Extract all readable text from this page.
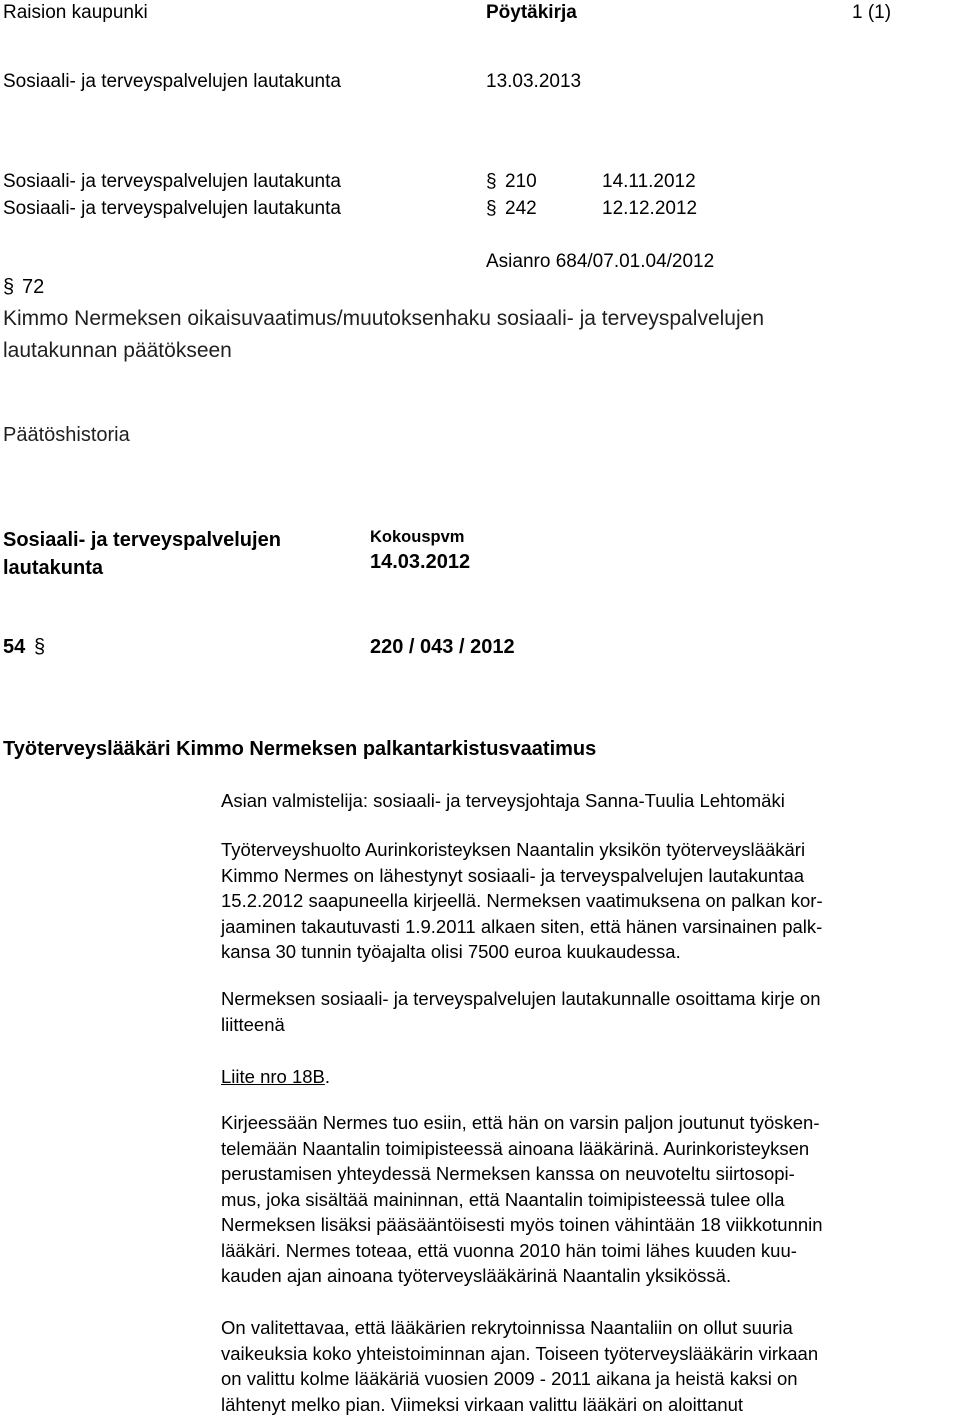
Raision kaupunki	Pöytäkirja	1 (1)
Sosiaali- ja terveyspalvelujen lautakunta	13.03.2013
Sosiaali- ja terveyspalvelujen lautakunta	§ 210	14.11.2012
Sosiaali- ja terveyspalvelujen lautakunta	§ 242	12.12.2012
Asianro 684/07.01.04/2012
§ 72
Kimmo Nermeksen oikaisuvaatimus/muutoksenhaku sosiaali- ja terveyspalvelujen
lautakunnan päätökseen
Päätöshistoria
Sosiaali- ja terveyspalvelujen
lautakunta
Kokouspvm
14.03.2012
54 §	220 / 043 / 2012
Työterveyslääkäri Kimmo Nermeksen palkantarkistusvaatimus

Asian valmistelija: sosiaali- ja terveysjohtaja Sanna-Tuulia Lehtomäki

Työterveyshuolto Aurinkoristeyksen Naantalin yksikön työterveyslääkäri

Kimmo Nermes on lähestynyt sosiaali- ja terveyspalvelujen lautakuntaa

15.2.2012 saapuneella kirjeellä. Nermeksen vaatimuksena on palkan kor-

jaaminen takautuvasti 1.9.2011 alkaen siten, että hänen varsinainen palk-

kansa 30 tunnin työajalta olisi 7500 euroa kuukaudessa.

Nermeksen sosiaali- ja terveyspalvelujen lautakunnalle osoittama kirje on

liitteenä

Liite nro 18B.

Kirjeessään Nermes tuo esiin, että hän on varsin paljon joutunut työsken-

telemään Naantalin toimipisteessä ainoana lääkärinä. Aurinkoristeyksen

perustamisen yhteydessä Nermeksen kanssa on neuvoteltu siirtosopi-

mus, joka sisältää maininnan, että Naantalin toimipisteessä tulee olla

Nermeksen lisäksi pääsääntöisesti myös toinen vähintään 18 viikkotunnin

lääkäri. Nermes toteaa, että vuonna 2010 hän toimi lähes kuuden kuu-

kauden ajan ainoana työterveyslääkärinä Naantalin yksikössä.

On valitettavaa, että lääkärien rekrytoinnissa Naantaliin on ollut suuria

vaikeuksia koko yhteistoiminnan ajan. Toiseen työterveyslääkärin virkaan

on valittu kolme lääkäriä vuosien 2009 - 2011 aikana ja heistä kaksi on

lähtenyt melko pian. Viimeksi virkaan valittu lääkäri on aloittanut
